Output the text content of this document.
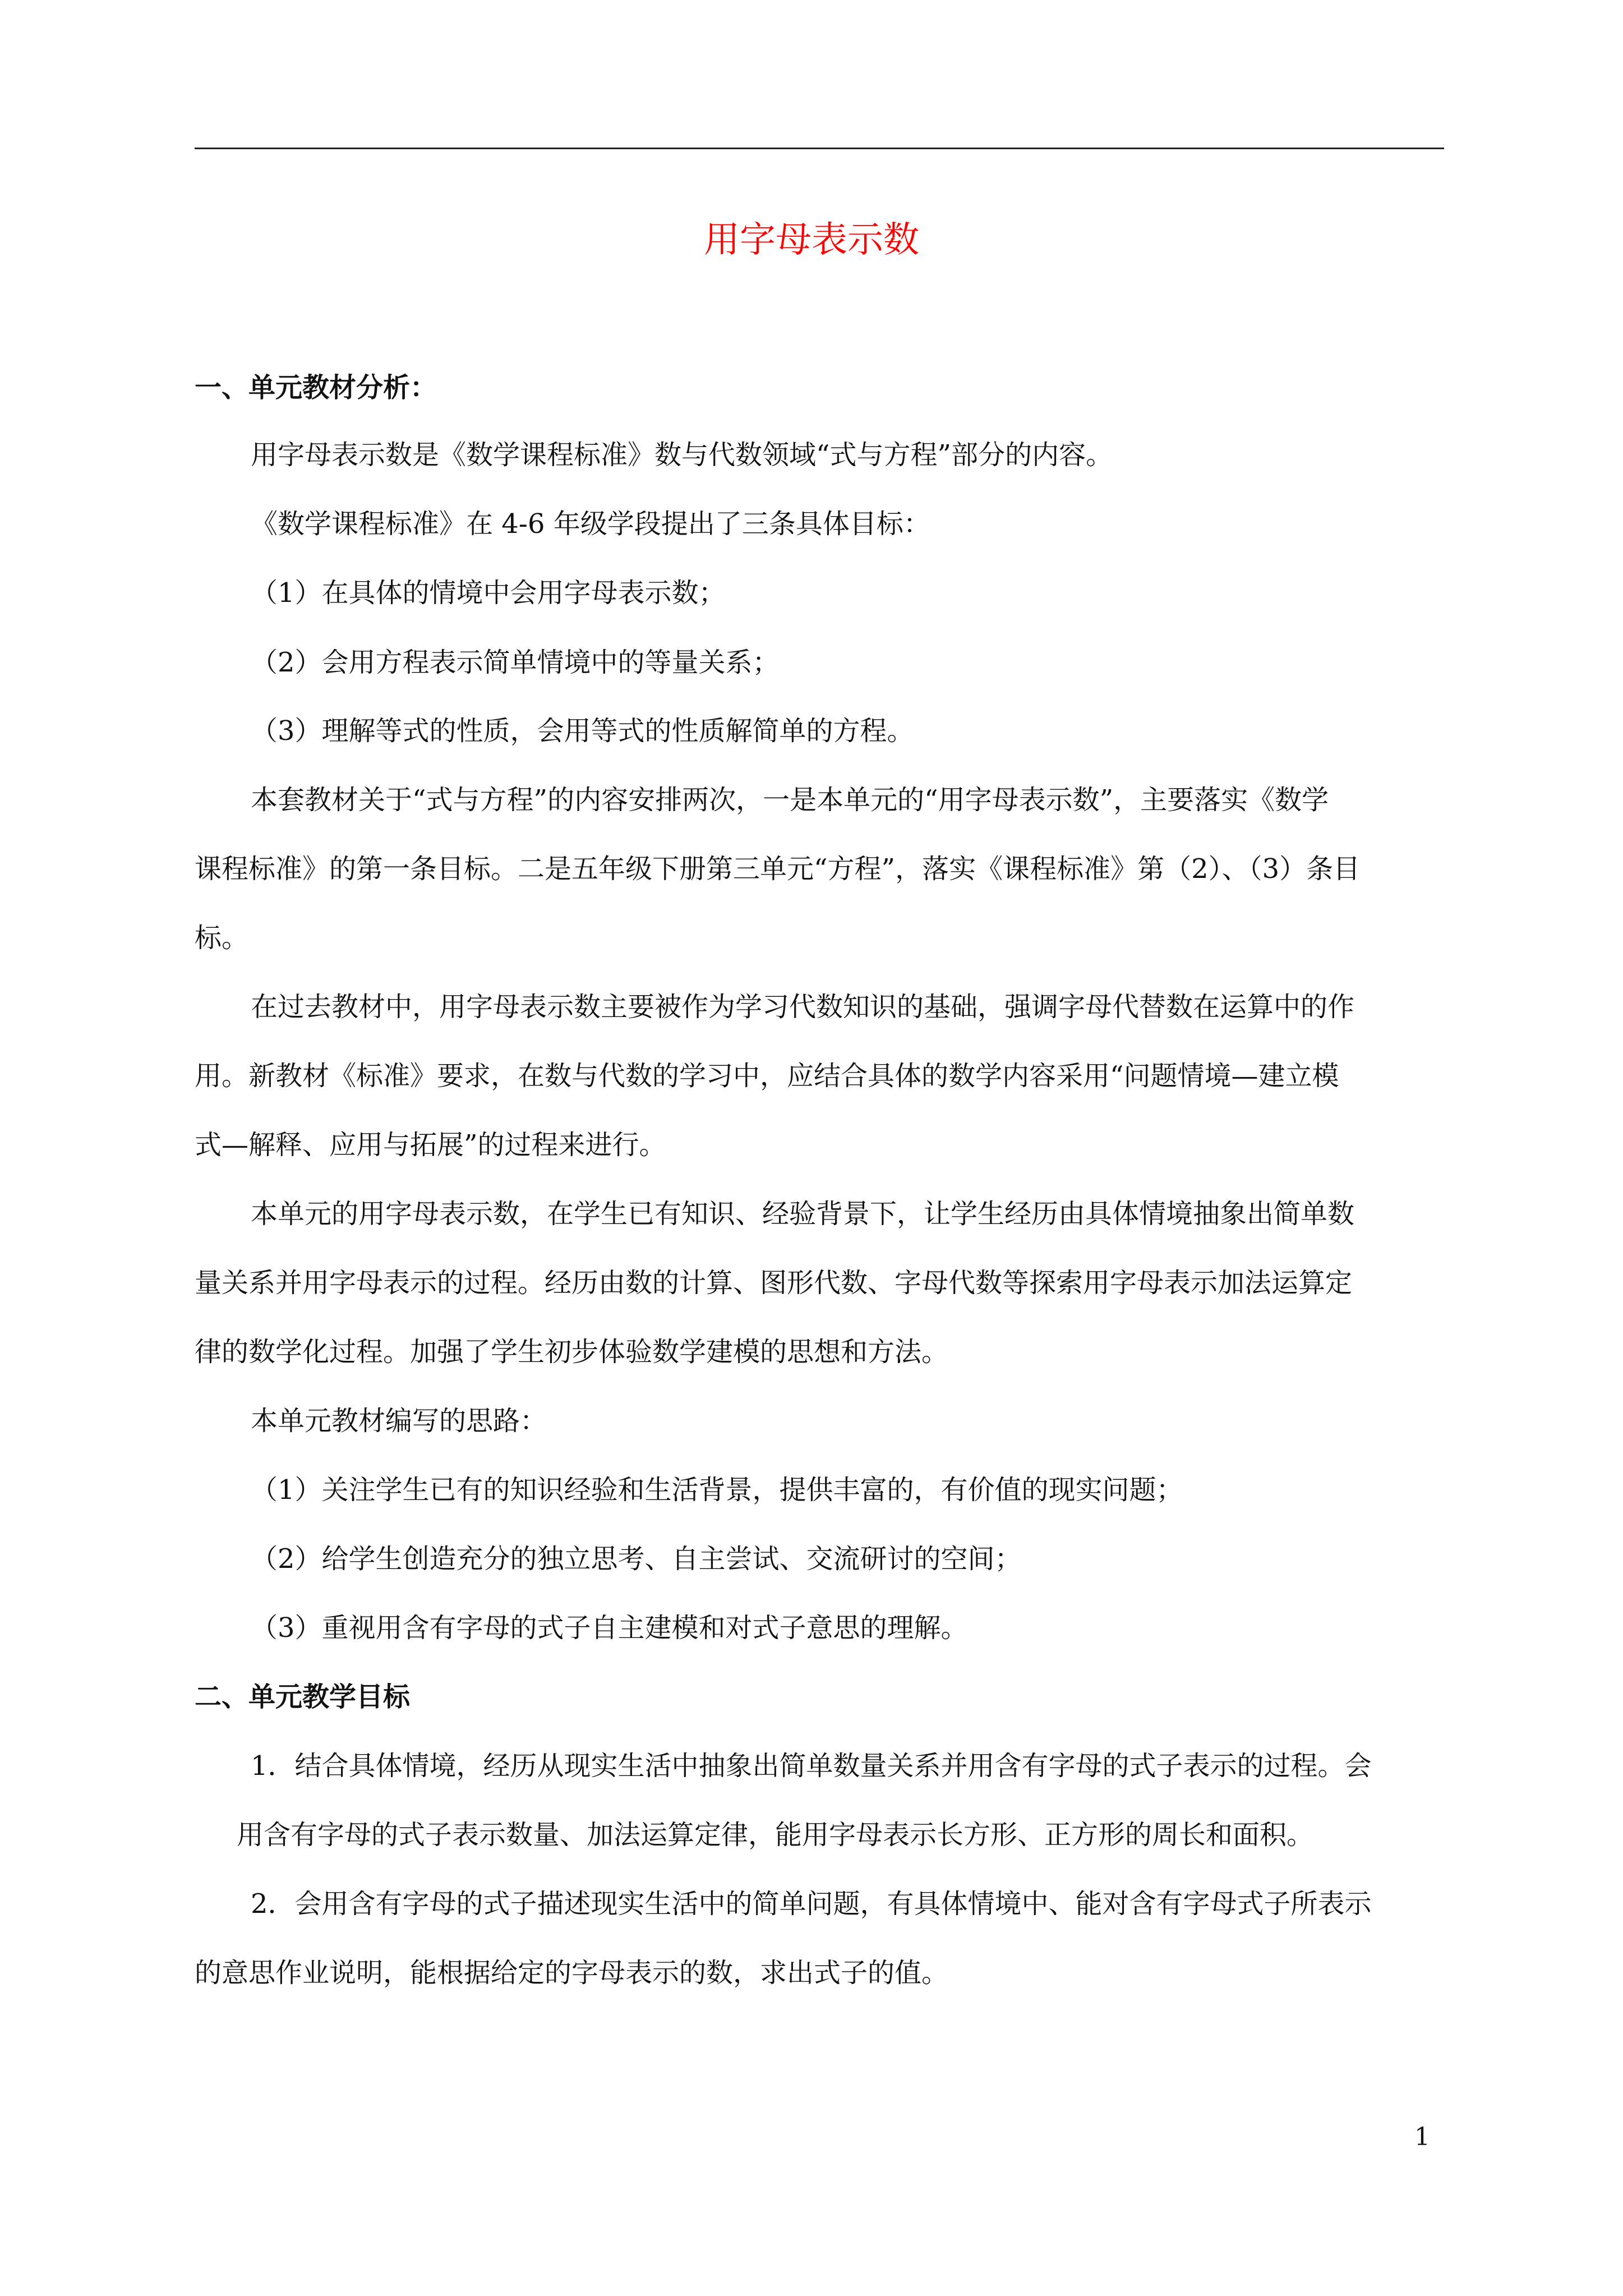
用字母表示数
一、单元教材分析：
用字母表示数是《数学课程标准》数与代数领域“式与方程”部分的内容。
《数学课程标准》在 4-6 年级学段提出了三条具体目标：
（1）在具体的情境中会用字母表示数；
（2）会用方程表示简单情境中的等量关系；
（3）理解等式的性质，会用等式的性质解简单的方程。
本套教材关于“式与方程”的内容安排两次，一是本单元的“用字母表示数”，主要落实《数学
课程标准》的第一条目标。二是五年级下册第三单元“方程”，落实《课程标准》第（2）、（3）条目
标。
在过去教材中，用字母表示数主要被作为学习代数知识的基础，强调字母代替数在运算中的作
用。新教材《标准》要求，在数与代数的学习中，应结合具体的数学内容采用“问题情境—建立模
式—解释、应用与拓展”的过程来进行。
本单元的用字母表示数，在学生已有知识、经验背景下，让学生经历由具体情境抽象出简单数
量关系并用字母表示的过程。经历由数的计算、图形代数、字母代数等探索用字母表示加法运算定
律的数学化过程。加强了学生初步体验数学建模的思想和方法。
本单元教材编写的思路：
（1）关注学生已有的知识经验和生活背景，提供丰富的，有价值的现实问题；
（2）给学生创造充分的独立思考、自主尝试、交流研讨的空间；
（3）重视用含有字母的式子自主建模和对式子意思的理解。
二、单元教学目标
1．结合具体情境，经历从现实生活中抽象出简单数量关系并用含有字母的式子表示的过程。会
用含有字母的式子表示数量、加法运算定律，能用字母表示长方形、正方形的周长和面积。
2．会用含有字母的式子描述现实生活中的简单问题，有具体情境中、能对含有字母式子所表示
的意思作业说明，能根据给定的字母表示的数，求出式子的值。
1
